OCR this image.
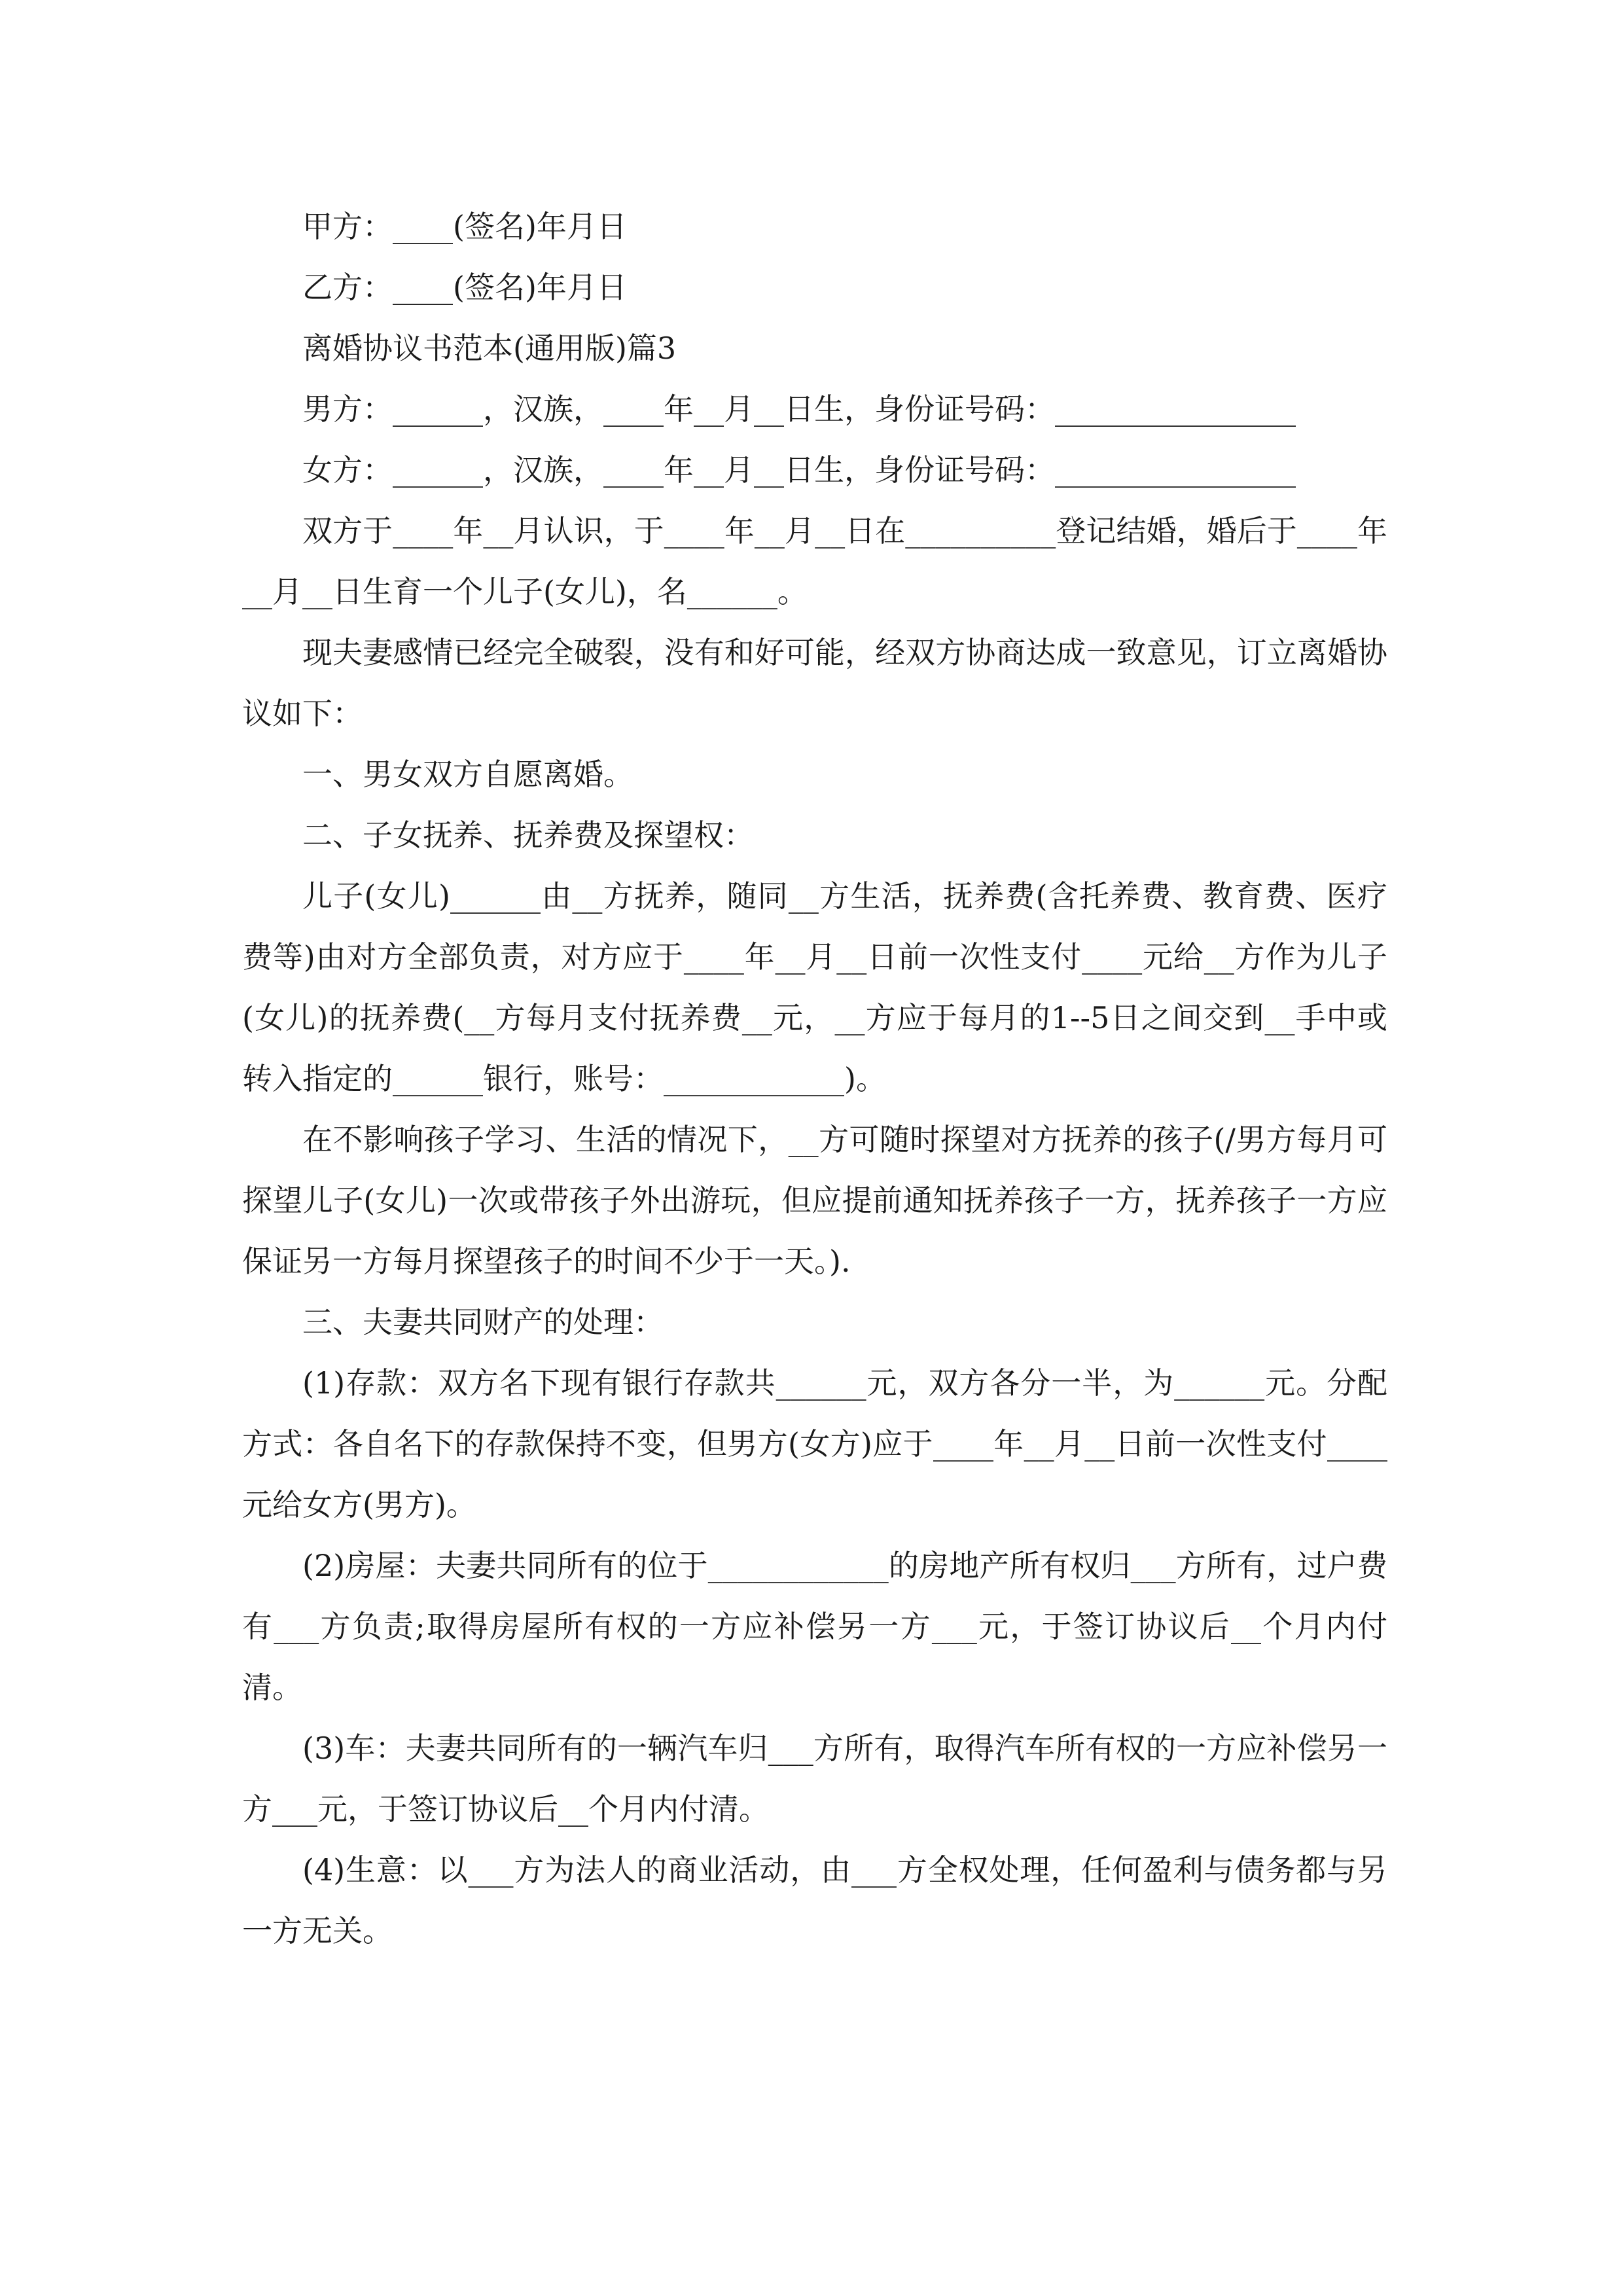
甲方：____(签名)年月日

乙方：____(签名)年月日

离婚协议书范本(通用版)篇3

男方：______，汉族，____年__月__日生，身份证号码：________________

女方：______，汉族，____年__月__日生，身份证号码：________________

双方于____年__月认识，于____年__月__日在__________登记结婚，婚后于____年__月__日生育一个儿子(女儿)，名______。

现夫妻感情已经完全破裂，没有和好可能，经双方协商达成一致意见，订立离婚协议如下：

一、男女双方自愿离婚。

二、子女抚养、抚养费及探望权：

儿子(女儿)______由__方抚养，随同__方生活，抚养费(含托养费、教育费、医疗费等)由对方全部负责，对方应于____年__月__日前一次性支付____元给__方作为儿子(女儿)的抚养费(__方每月支付抚养费__元，__方应于每月的1--5日之间交到__手中或转入指定的______银行，账号：____________)。

在不影响孩子学习、生活的情况下，__方可随时探望对方抚养的孩子(/男方每月可探望儿子(女儿)一次或带孩子外出游玩，但应提前通知抚养孩子一方，抚养孩子一方应保证另一方每月探望孩子的时间不少于一天。).

三、夫妻共同财产的处理：

(1)存款：双方名下现有银行存款共______元，双方各分一半，为______元。分配方式：各自名下的存款保持不变，但男方(女方)应于____年__月__日前一次性支付____元给女方(男方)。

(2)房屋：夫妻共同所有的位于____________的房地产所有权归___方所有，过户费有___方负责;取得房屋所有权的一方应补偿另一方___元，于签订协议后__个月内付清。

(3)车：夫妻共同所有的一辆汽车归___方所有，取得汽车所有权的一方应补偿另一方___元，于签订协议后__个月内付清。

(4)生意：以___方为法人的商业活动，由___方全权处理，任何盈利与债务都与另一方无关。
